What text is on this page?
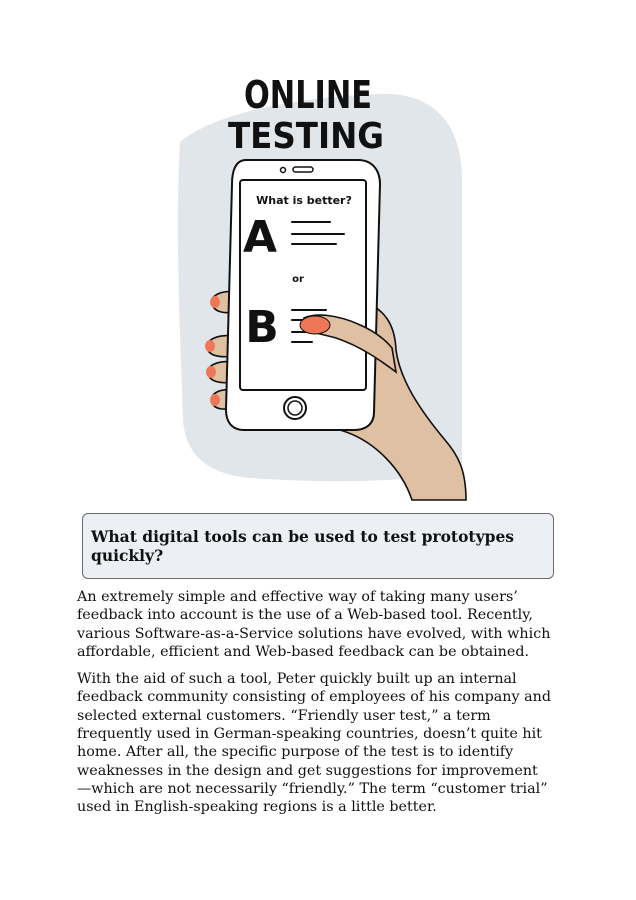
ONLINE
TESTING
What is better?
A
or
B
What digital tools can be used to test prototypes quickly?

An extremely simple and effective way of taking many users’ feedback into account is the use of a Web-based tool. Recently, various Software-as-a-Service solutions have evolved, with which affordable, efficient and Web-based feedback can be obtained.

With the aid of such a tool, Peter quickly built up an internal feedback community consisting of employees of his company and selected external customers. “Friendly user test,” a term frequently used in German-speaking countries, doesn’t quite hit home. After all, the specific purpose of the test is to identify weaknesses in the design and get suggestions for improvement—which are not necessarily “friendly.” The term “customer trial” used in English-speaking regions is a little better.
